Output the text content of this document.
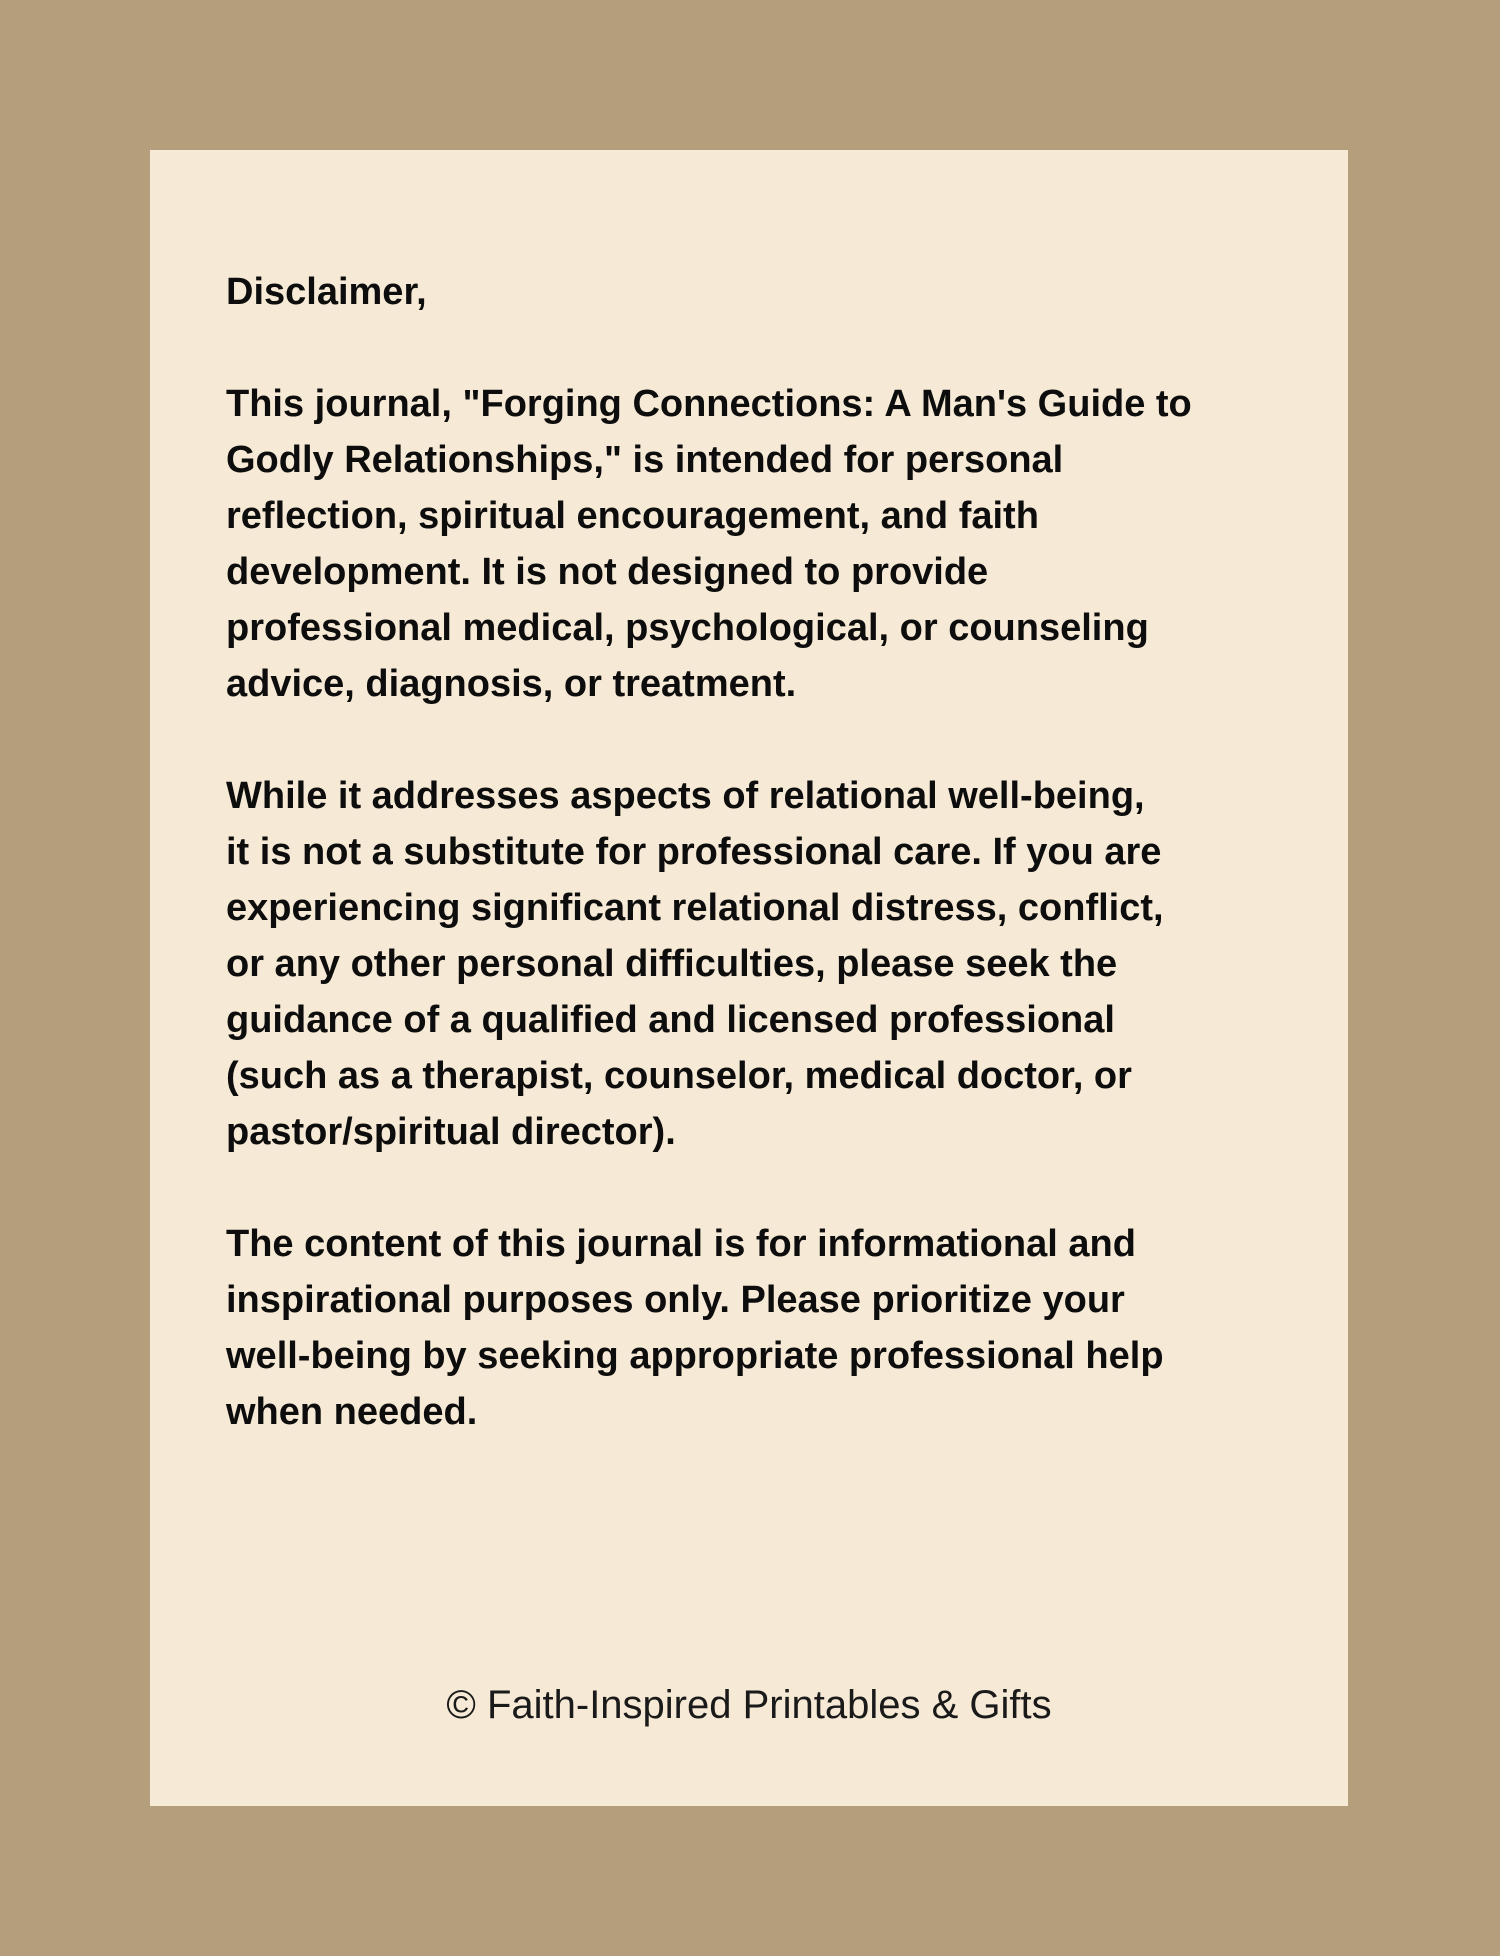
Disclaimer,

This journal, "Forging Connections: A Man's Guide to
Godly Relationships," is intended for personal
reflection, spiritual encouragement, and faith
development. It is not designed to provide
professional medical, psychological, or counseling
advice, diagnosis, or treatment.

While it addresses aspects of relational well-being,
it is not a substitute for professional care. If you are
experiencing significant relational distress, conflict,
or any other personal difficulties, please seek the
guidance of a qualified and licensed professional
(such as a therapist, counselor, medical doctor, or
pastor/spiritual director).

The content of this journal is for informational and
inspirational purposes only. Please prioritize your
well-being by seeking appropriate professional help
when needed.

© Faith-Inspired Printables & Gifts
